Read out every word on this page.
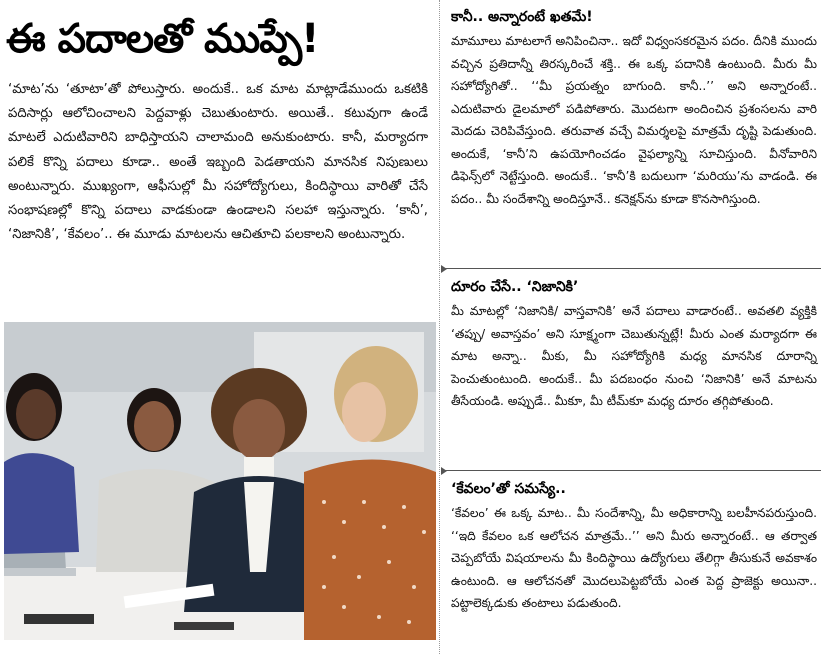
ఈ పదాలతో ముప్పే!

‘మాట’ను ‘తూటా’తో పోలుస్తారు. అందుకే.. ఒక మాట మాట్లాడేముందు ఒకటికి పదిసార్లు ఆలోచించాలని పెద్దవాళ్లు చెబుతుంటారు. అయితే.. కటువుగా ఉండే మాటలే ఎదుటివారిని బాధిస్తాయని చాలామంది అనుకుంటారు. కానీ, మర్యాదగా పలికే కొన్ని పదాలు కూడా.. అంతే ఇబ్బంది పెడతాయని మానసిక నిపుణులు అంటున్నారు. ముఖ్యంగా, ఆఫీసుల్లో మీ సహోద్యోగులు, కిందిస్థాయి వారితో చేసే సంభాషణల్లో కొన్ని పదాలు వాడకుండా ఉండాలని సలహా ఇస్తున్నారు. ‘కానీ’, ‘నిజానికి’, ‘కేవలం’.. ఈ మూడు మాటలను ఆచితూచి పలకాలని అంటున్నారు.

కానీ.. అన్నారంటే ఖతమే!

మామూలు మాటలాగే అనిపించినా.. ఇదో విధ్వంసకరమైన పదం. దీనికి ముందు వచ్చిన ప్రతిదాన్నీ తిరస్కరించే శక్తి.. ఈ ఒక్క పదానికి ఉంటుంది. మీరు మీ సహోద్యోగితో.. ‘‘మీ ప్రయత్నం బాగుంది. కానీ..’’ అని అన్నారంటే.. ఎదుటివారు డైలమాలో పడిపోతారు. మొదటగా అందించిన ప్రశంసలను వారి మెదడు చెరిపివేస్తుంది. తరువాత వచ్చే విమర్శలపై మాత్రమే దృష్టి పెడుతుంది. అందుకే, ‘కానీ’ని ఉపయోగించడం వైఫల్యాన్ని సూచిస్తుంది. వీనోవారిని డిఫెన్స్‌లో నెట్టేస్తుంది. అందుకే.. ‘కానీ’కి బదులుగా ‘మరియు’ను వాడండి. ఈ పదం.. మీ సందేశాన్ని అందిస్తూనే.. కనెక్షన్‌ను కూడా కొనసాగిస్తుంది.

దూరం చేసే.. ‘నిజానికి’

మీ మాటల్లో ‘నిజానికి/ వాస్తవానికి’ అనే పదాలు వాడారంటే.. అవతలి వ్యక్తికి ‘తప్పు/ అవాస్తవం’ అని సూక్ష్మంగా చెబుతున్నట్లే! మీరు ఎంత మర్యాదగా ఈ మాట అన్నా.. మీకు, మీ సహోద్యోగికి మధ్య మానసిక దూరాన్ని పెంచుతుంటుంది. అందుకే.. మీ పదబంధం నుంచి ‘నిజానికి’ అనే మాటను తీసేయండి. అప్పుడే.. మీకూ, మీ టీమ్‌కూ మధ్య దూరం తగ్గిపోతుంది.

‘కేవలం’తో సమస్యే..

‘కేవలం’ ఈ ఒక్క మాట.. మీ సందేశాన్ని, మీ అధికారాన్ని బలహీనపరుస్తుంది. ‘‘ఇది కేవలం ఒక ఆలోచన మాత్రమే..’’ అని మీరు అన్నారంటే.. ఆ తర్వాత చెప్పబోయే విషయాలను మీ కిందిస్థాయి ఉద్యోగులు తేలిగ్గా తీసుకునే అవకాశం ఉంటుంది. ఆ ఆలోచనతో మొదలుపెట్టబోయే ఎంత పెద్ద ప్రాజెక్టు అయినా.. పట్టాలెక్కడుకు తంటాలు పడుతుంది.
